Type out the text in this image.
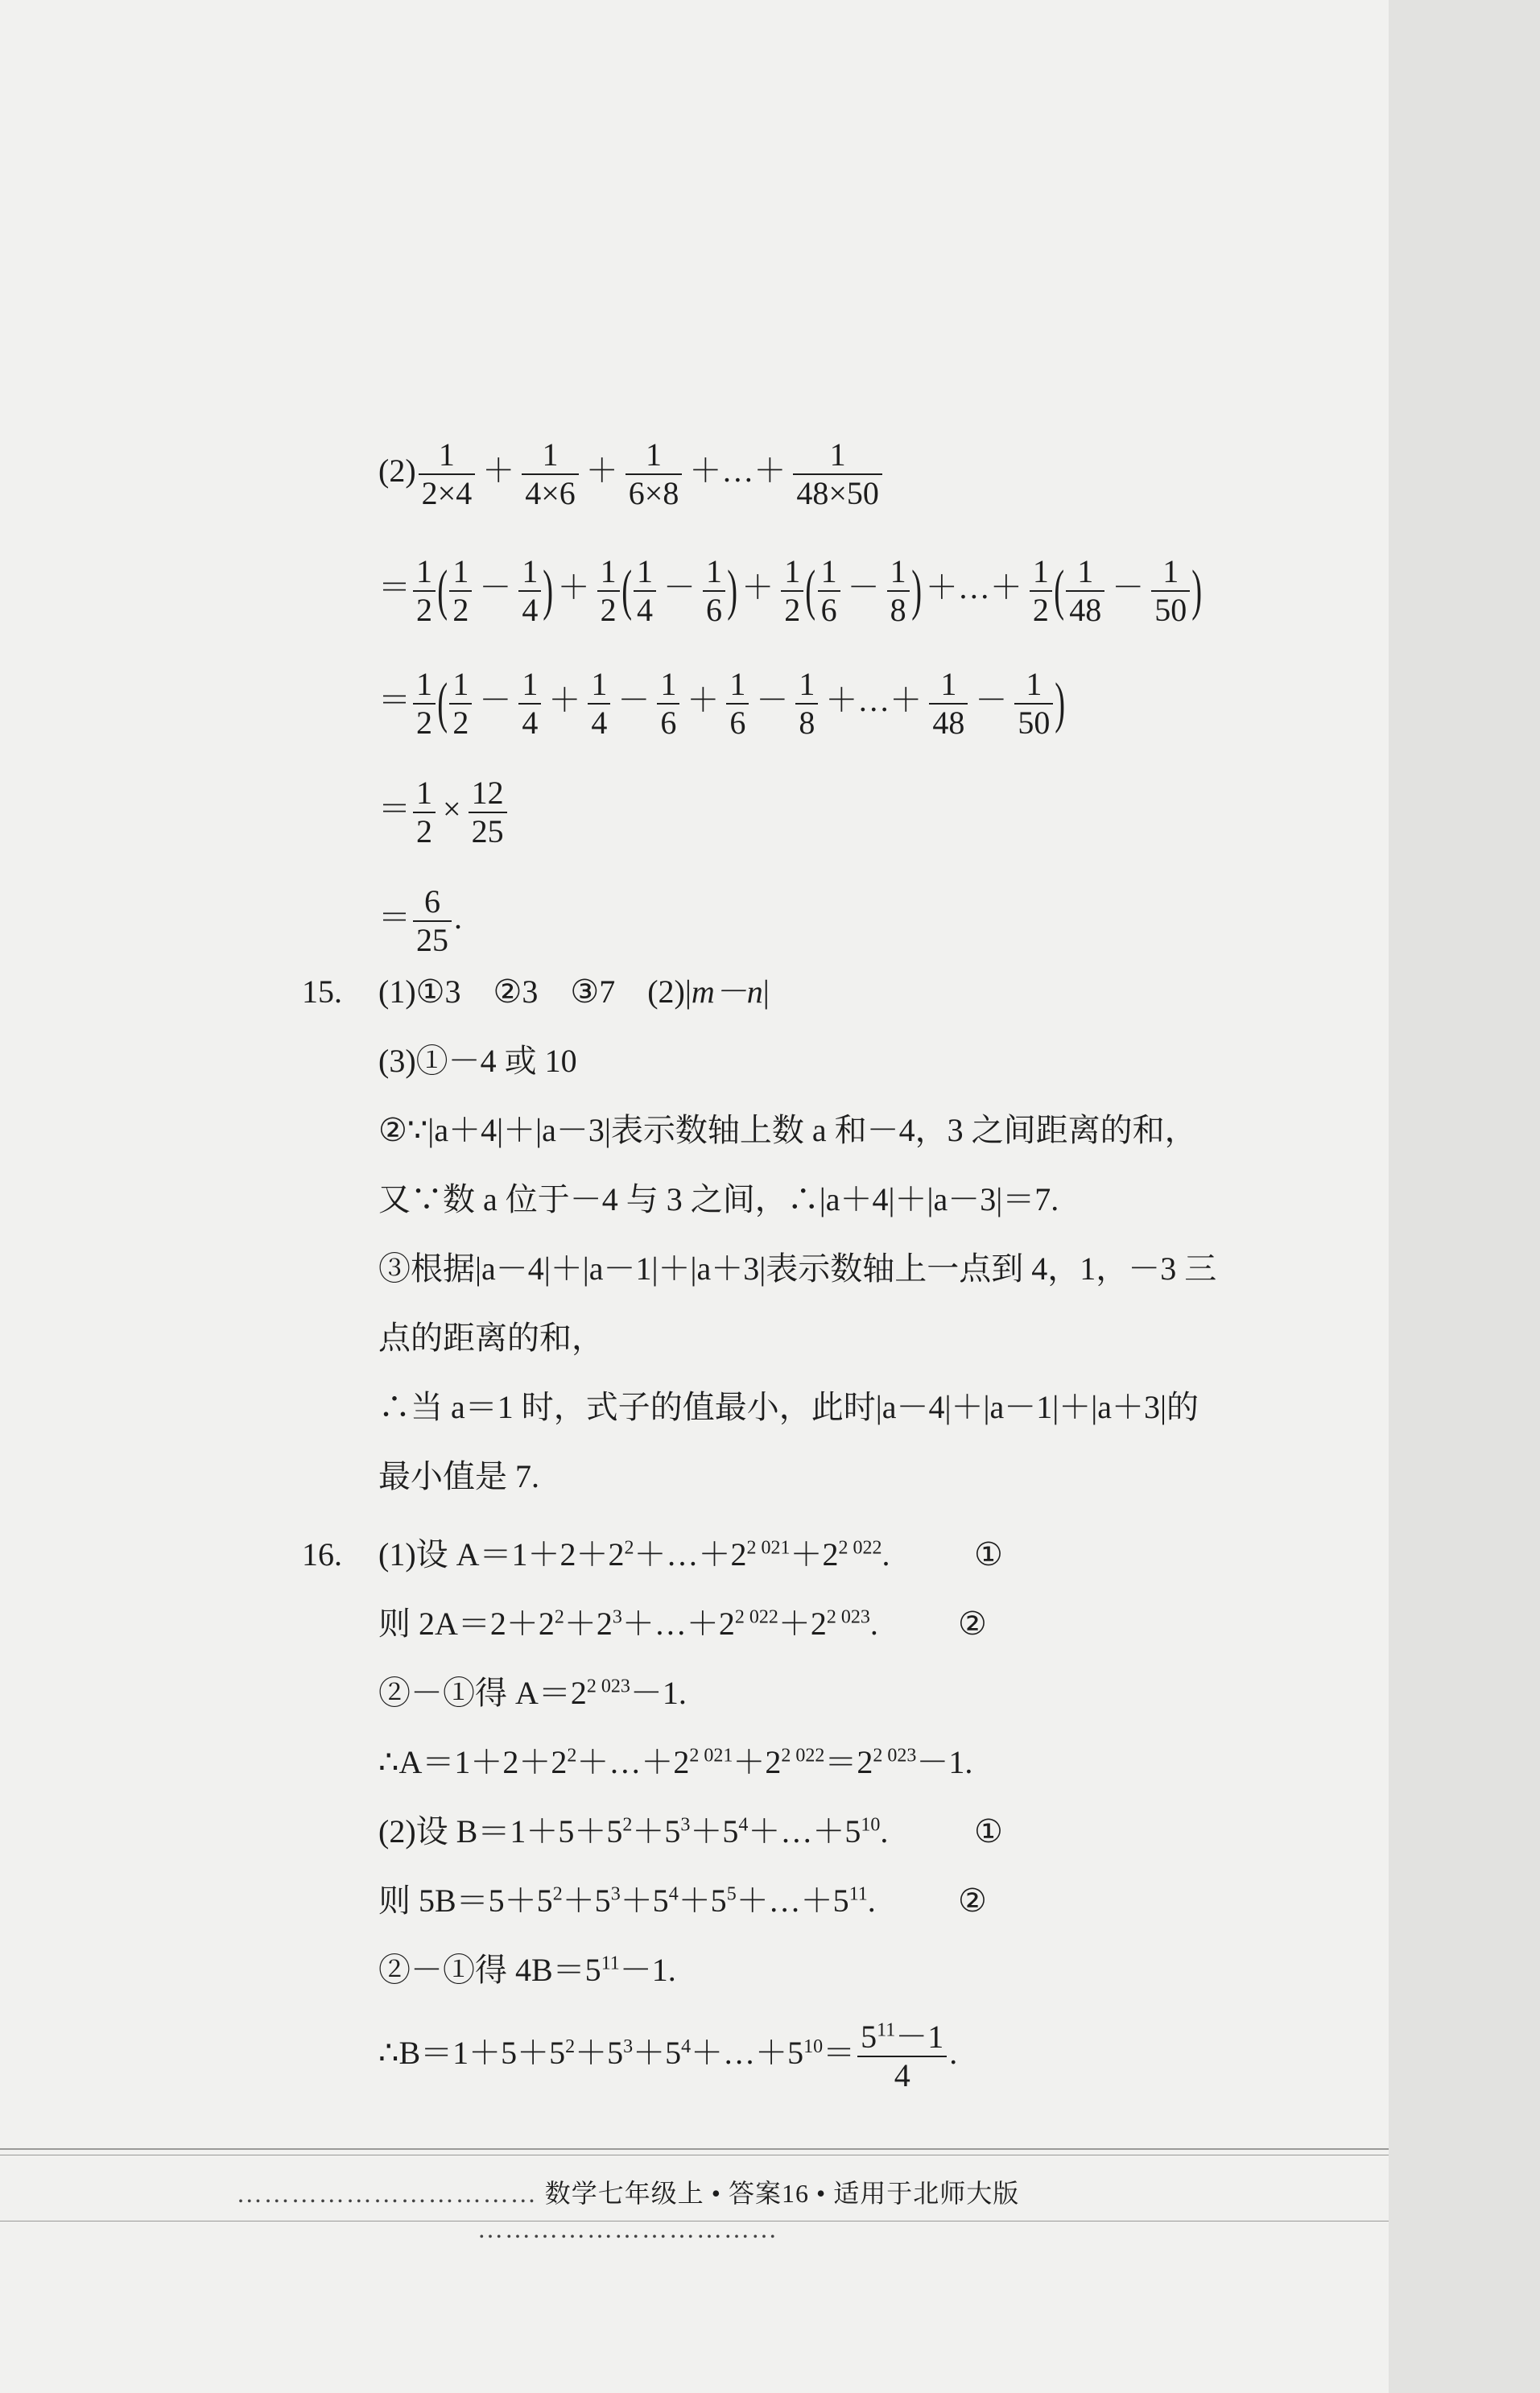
$(2) \frac{1}{2\times 4} + \frac{1}{4\times 6} + \frac{1}{6\times 8}$ ＋…＋ $\frac{1}{48\times 50}$
＝ $\frac{1}{2}$ ( $\frac{1}{2} - \frac{1}{4}$ ) ＋ $\frac{1}{2}$ ( $\frac{1}{4} - \frac{1}{6}$ ) ＋ $\frac{1}{2}$ ( $\frac{1}{6} - \frac{1}{8}$ ) ＋…＋ $\frac{1}{2}$ ( $\frac{1}{48} - \frac{1}{50}$ )
＝ $\frac{1}{2}$ ( $\frac{1}{2} - \frac{1}{4} + \frac{1}{4} - \frac{1}{6} + \frac{1}{6} - \frac{1}{8}$ ＋…＋ $\frac{1}{48} - \frac{1}{50}$ )
＝ $\frac{1}{2} \times \frac{12}{25}$
＝ $\frac{6}{25}$ .
15. (1)①3　②3　③7　(2)|m－n|
(3)①－4 或 10
②∵|a＋4|＋|a－3|表示数轴上数 a 和－4，3 之间距离的和，
又∵数 a 位于－4 与 3 之间，∴|a＋4|＋|a－3|＝7.
③根据|a－4|＋|a－1|＋|a＋3|表示数轴上一点到 4，1，－3 三
点的距离的和，
∴当 a＝1 时，式子的值最小，此时|a－4|＋|a－1|＋|a＋3|的
最小值是 7.
16. (1)设 $A=1+2+2^2+\dots+2^{2 021}+2^{2 022}$.	①
则 $2A=2+2^2+2^3+\dots+2^{2 022}+2^{2 023}$. ②
②－①得 $A=2^{2 023}-1$.
$\therefore A=1+2+2^2+\dots+2^{2 021}+2^{2 022}=2^{2 023}-1$.
(2)设 $B=1+5+5^2+5^3+5^4+\dots+5^{10}$.	①
则 $5B=5+5^2+5^3+5^4+5^5+\dots+5^{11}$.	②
②－①得 $4B=5^{11}-1$.
$\therefore B=1+5+5^2+5^3+5^4+\dots+5^{10}= \frac{5^{11}-1}{4}$ .
…………………………… 数学七年级上 • 答案16 • 适用于北师大版 ……………………………
